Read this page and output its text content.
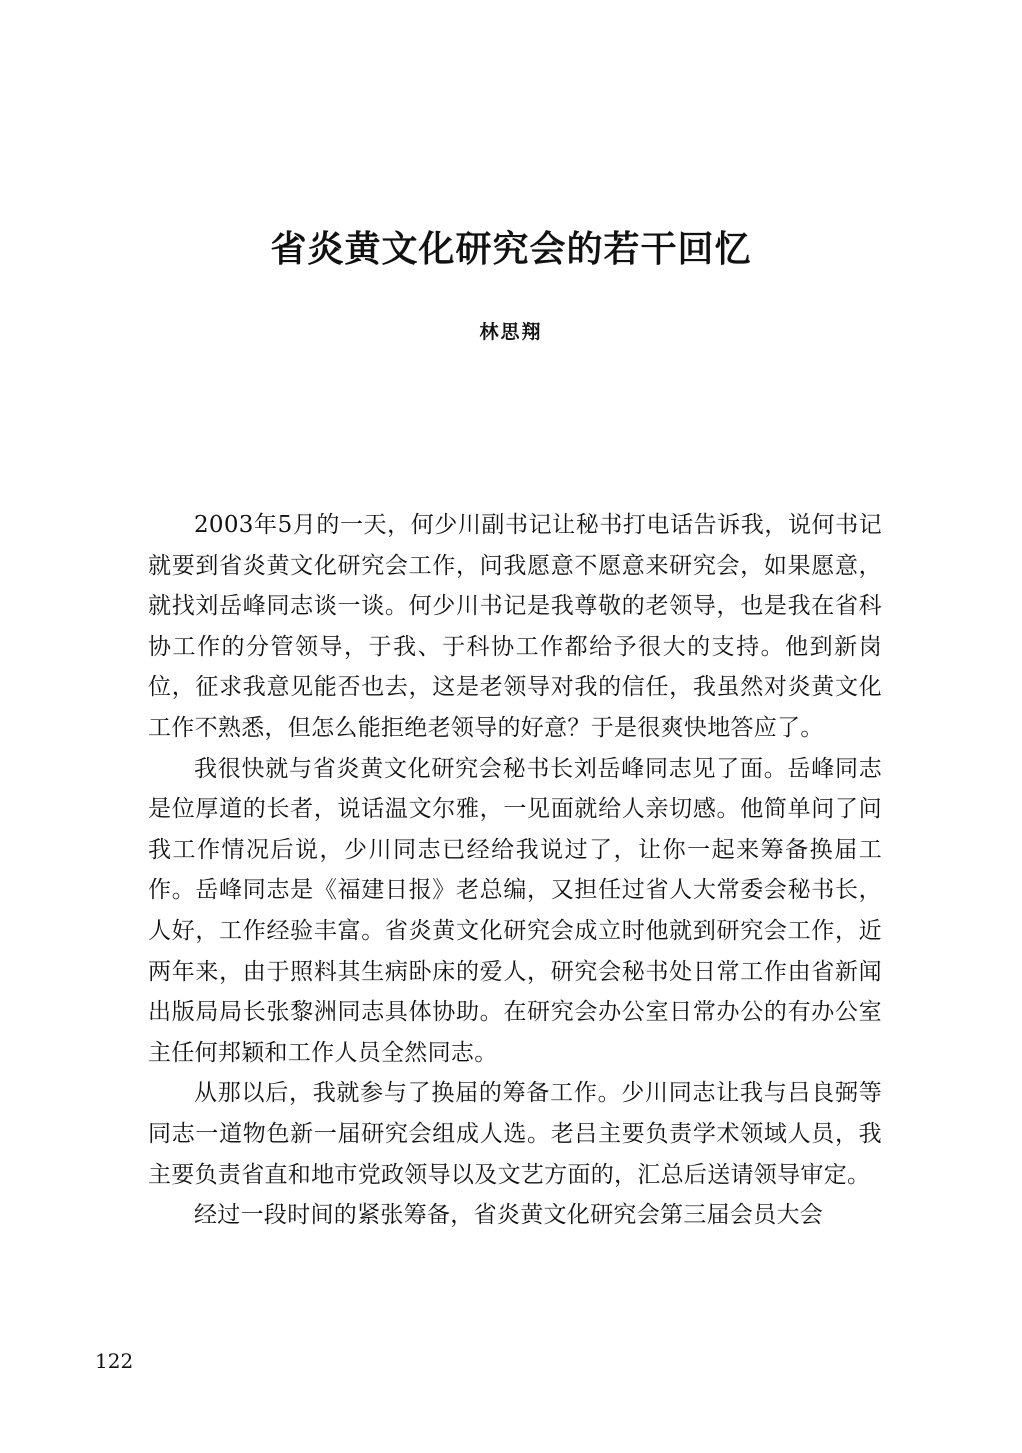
省炎黄文化研究会的若干回忆
林思翔

2003年5月的一天，何少川副书记让秘书打电话告诉我，说何书记就要到省炎黄文化研究会工作，问我愿意不愿意来研究会，如果愿意，就找刘岳峰同志谈一谈。何少川书记是我尊敬的老领导，也是我在省科协工作的分管领导，于我、于科协工作都给予很大的支持。他到新岗位，征求我意见能否也去，这是老领导对我的信任，我虽然对炎黄文化工作不熟悉，但怎么能拒绝老领导的好意？于是很爽快地答应了。

我很快就与省炎黄文化研究会秘书长刘岳峰同志见了面。岳峰同志是位厚道的长者，说话温文尔雅，一见面就给人亲切感。他简单问了问我工作情况后说，少川同志已经给我说过了，让你一起来筹备换届工作。岳峰同志是《福建日报》老总编，又担任过省人大常委会秘书长，人好，工作经验丰富。省炎黄文化研究会成立时他就到研究会工作，近两年来，由于照料其生病卧床的爱人，研究会秘书处日常工作由省新闻出版局局长张黎洲同志具体协助。在研究会办公室日常办公的有办公室主任何邦颖和工作人员全然同志。

从那以后，我就参与了换届的筹备工作。少川同志让我与吕良弼等同志一道物色新一届研究会组成人选。老吕主要负责学术领域人员，我主要负责省直和地市党政领导以及文艺方面的，汇总后送请领导审定。

经过一段时间的紧张筹备，省炎黄文化研究会第三届会员大会

122
